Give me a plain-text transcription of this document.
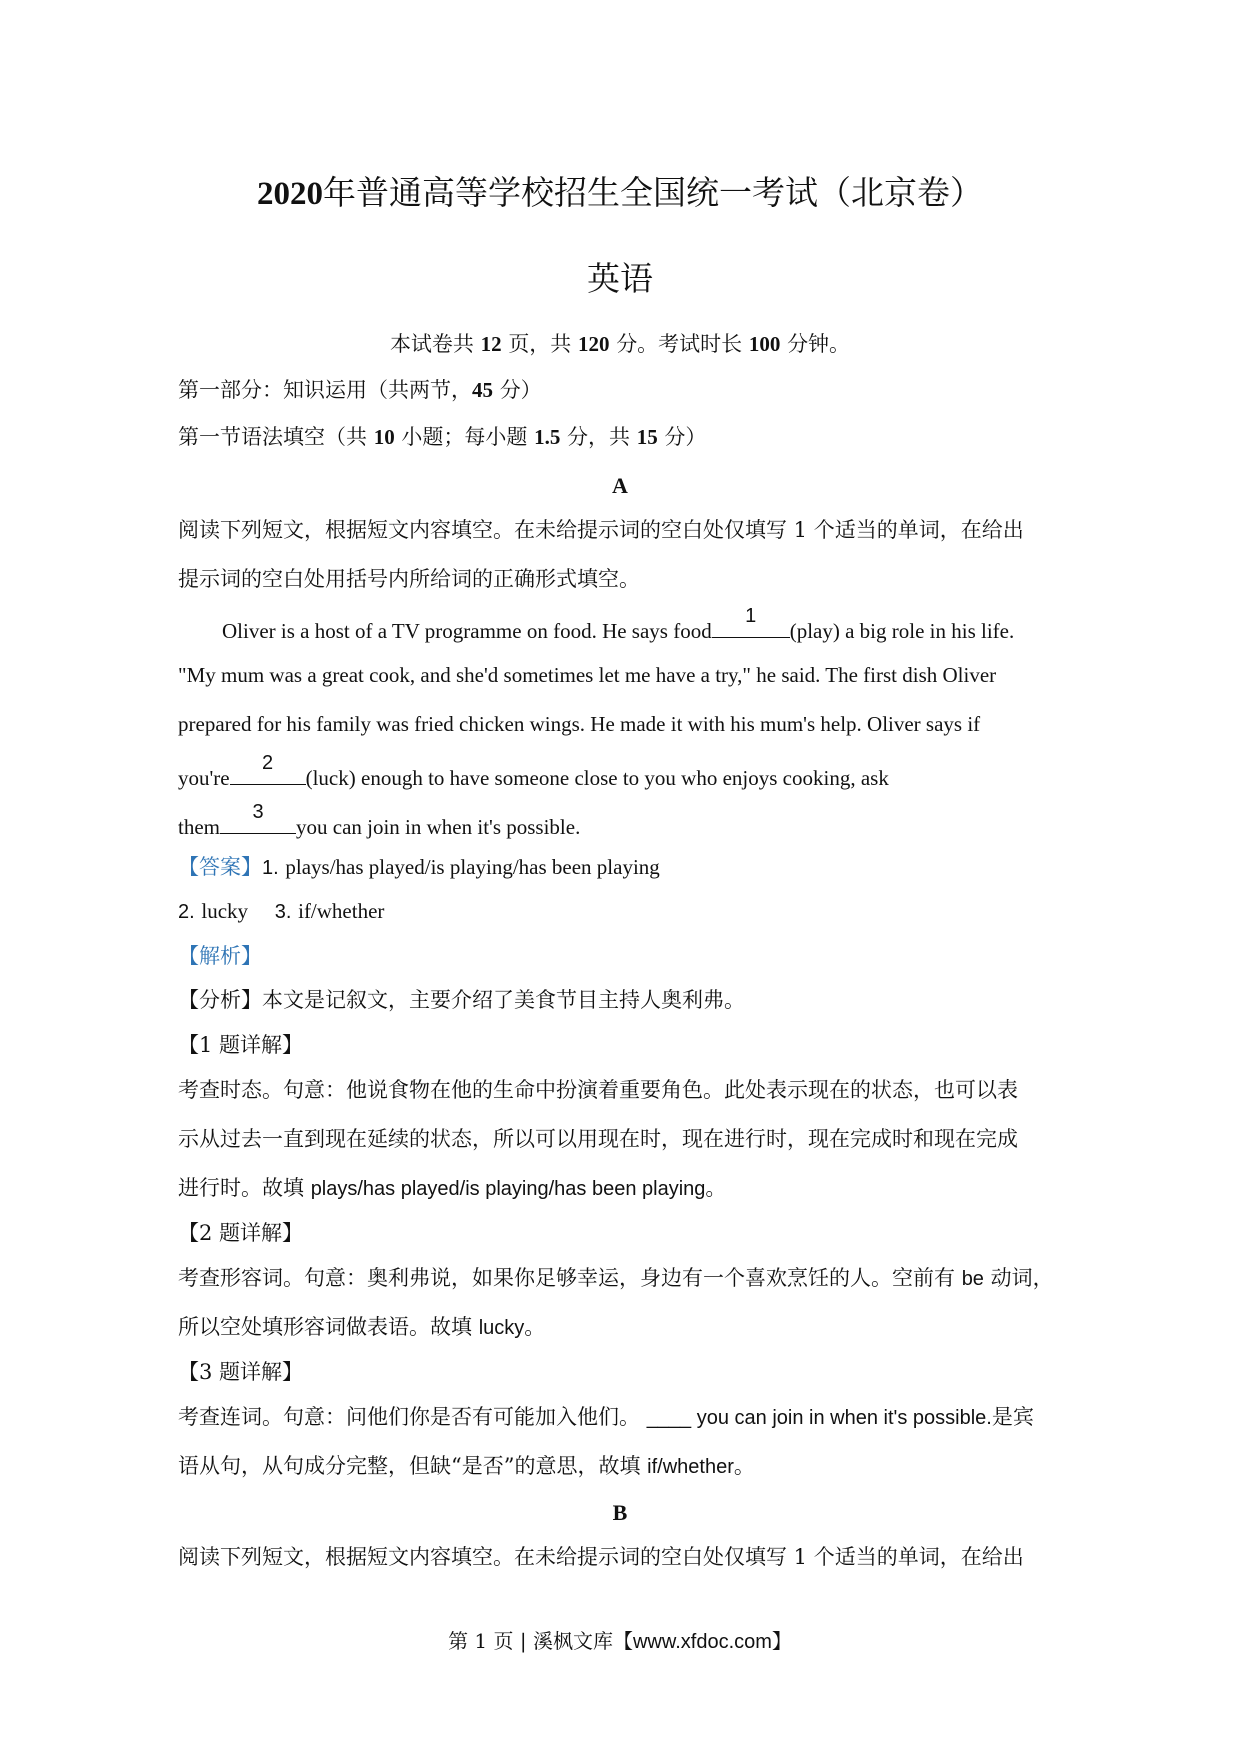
2020年普通高等学校招生全国统一考试（北京卷）
英语
本试卷共 12 页，共 120 分。考试时长 100 分钟。
第一部分：知识运用（共两节，45 分）
第一节语法填空（共 10 小题；每小题 1.5 分，共 15 分）
A
阅读下列短文，根据短文内容填空。在未给提示词的空白处仅填写 1 个适当的单词，在给出
提示词的空白处用括号内所给词的正确形式填空。
Oliver is a host of a TV programme on food. He says food
1
(play) a big role in his life.
"My mum was a great cook, and she'd sometimes let me have a try," he said. The first dish Oliver
prepared for his family was fried chicken wings. He made it with his mum's help. Oliver says if
you're
2
(luck) enough to have someone close to you who enjoys cooking, ask
them
3
you can join in when it's possible.
【答案】1. plays/has played/is playing/has been playing
2. lucky 3. if/whether
【解析】
【分析】本文是记叙文，主要介绍了美食节目主持人奥利弗。
【1 题详解】
考查时态。句意：他说食物在他的生命中扮演着重要角色。此处表示现在的状态，也可以表
示从过去一直到现在延续的状态，所以可以用现在时，现在进行时，现在完成时和现在完成
进行时。故填 plays/has played/is playing/has been playing。
【2 题详解】
考查形容词。句意：奥利弗说，如果你足够幸运，身边有一个喜欢烹饪的人。空前有 be 动词，
所以空处填形容词做表语。故填 lucky。
【3 题详解】
考查连词。句意：问他们你是否有可能加入他们。 ____ you can join in when it's possible.是宾
语从句，从句成分完整，但缺“是否”的意思，故填 if/whether。
B
阅读下列短文，根据短文内容填空。在未给提示词的空白处仅填写 1 个适当的单词，在给出
第 1 页 | 溪枫文库【www.xfdoc.com】
